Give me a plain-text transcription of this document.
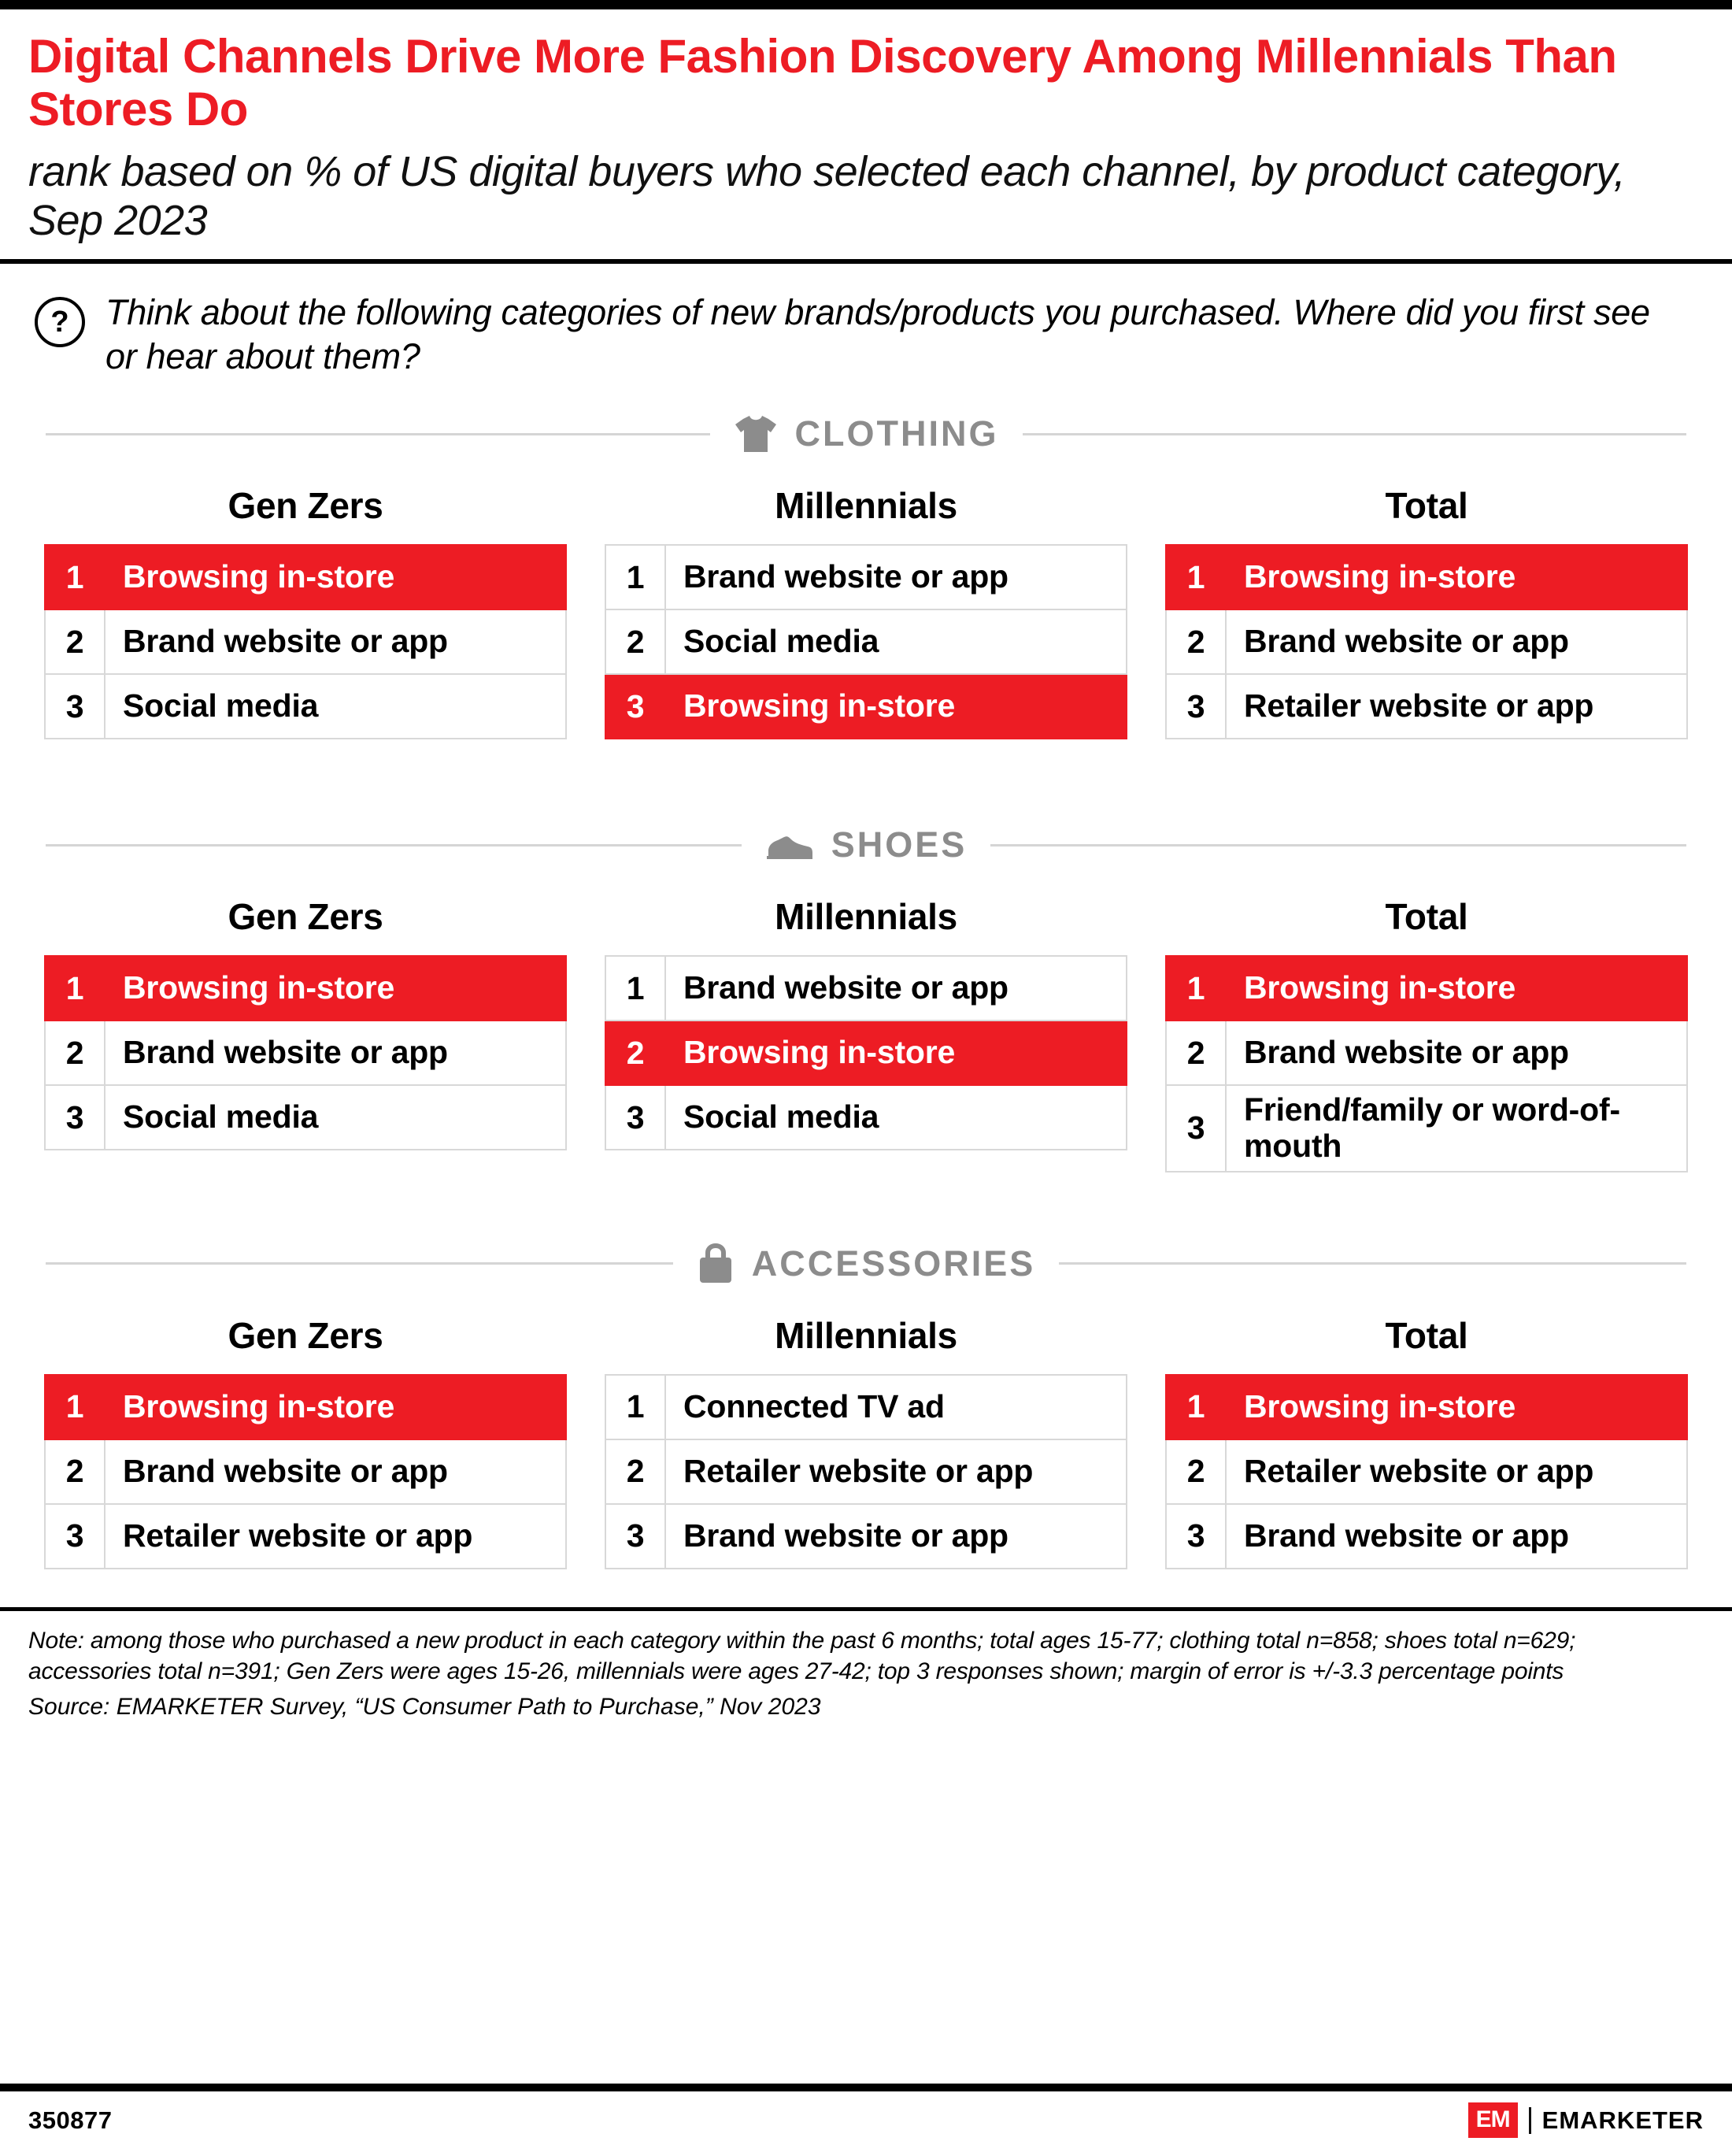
Digital Channels Drive More Fashion Discovery Among Millennials Than Stores Do
rank based on % of US digital buyers who selected each channel, by product category, Sep 2023
?	Think about the following categories of new brands/products you purchased. Where did you first see or hear about them?
CLOTHING
Gen Zers
1	Browsing in-store
2	Brand website or app
3	Social media
Millennials
1	Brand website or app
2	Social media
3	Browsing in-store
Total
1	Browsing in-store
2	Brand website or app
3	Retailer website or app
SHOES
Gen Zers
1	Browsing in-store
2	Brand website or app
3	Social media
Millennials
1	Brand website or app
2	Browsing in-store
3	Social media
Total
1	Browsing in-store
2	Brand website or app
3	Friend/family or word-of-mouth
ACCESSORIES
Gen Zers
1	Browsing in-store
2	Brand website or app
3	Retailer website or app
Millennials
1	Connected TV ad
2	Retailer website or app
3	Brand website or app
Total
1	Browsing in-store
2	Retailer website or app
3	Brand website or app
Note: among those who purchased a new product in each category within the past 6 months; total ages 15-77; clothing total n=858; shoes total n=629; accessories total n=391; Gen Zers were ages 15-26, millennials were ages 27-42; top 3 responses shown; margin of error is +/-3.3 percentage points
Source: EMARKETER Survey, “US Consumer Path to Purchase,” Nov 2023
350877	EM	EMARKETER
